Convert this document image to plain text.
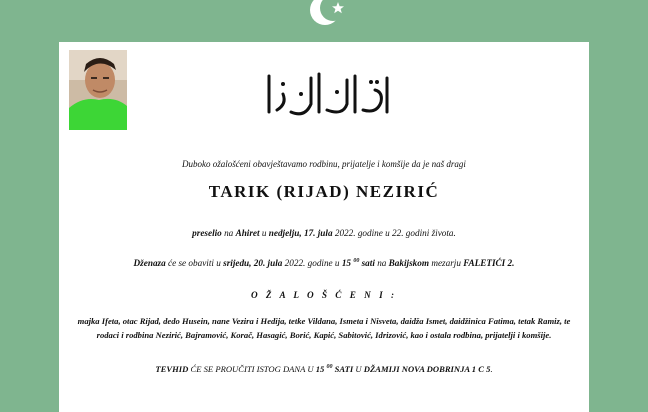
Duboko ožalošćeni obavještavamo rodbinu, prijatelje i komšije da je naš dragi
TARIK (RIJAD) NEZIRIĆ
preselio na Ahiret u nedjelju, 17. jula 2022. godine u 22. godini života.
Dženaza će se obaviti u srijedu, 20. jula 2022. godine u 15 $^{00}$ sati na Bakijskom mezarju FALETIĆI 2.
O Ž A L O Š Ć E N I :
majka Ifeta, otac Rijad, dedo Husein, nane Vezira i Hedija, tetke Vildana, Ismeta i Nisveta, daidža Ismet, daidžinica Fatima, tetak Ramiz, te rodaci i rodbina Nezirić, Bajramović, Korač, Hasagić, Borić, Kapić, Sabitović, Idrizović, kao i ostala rodbina, prijatelji i komšije.
TEVHID ĆE SE PROUČITI ISTOG DANA U 15 $^{00}$ SATI U DŽAMIJI NOVA DOBRINJA 1 C 5.
